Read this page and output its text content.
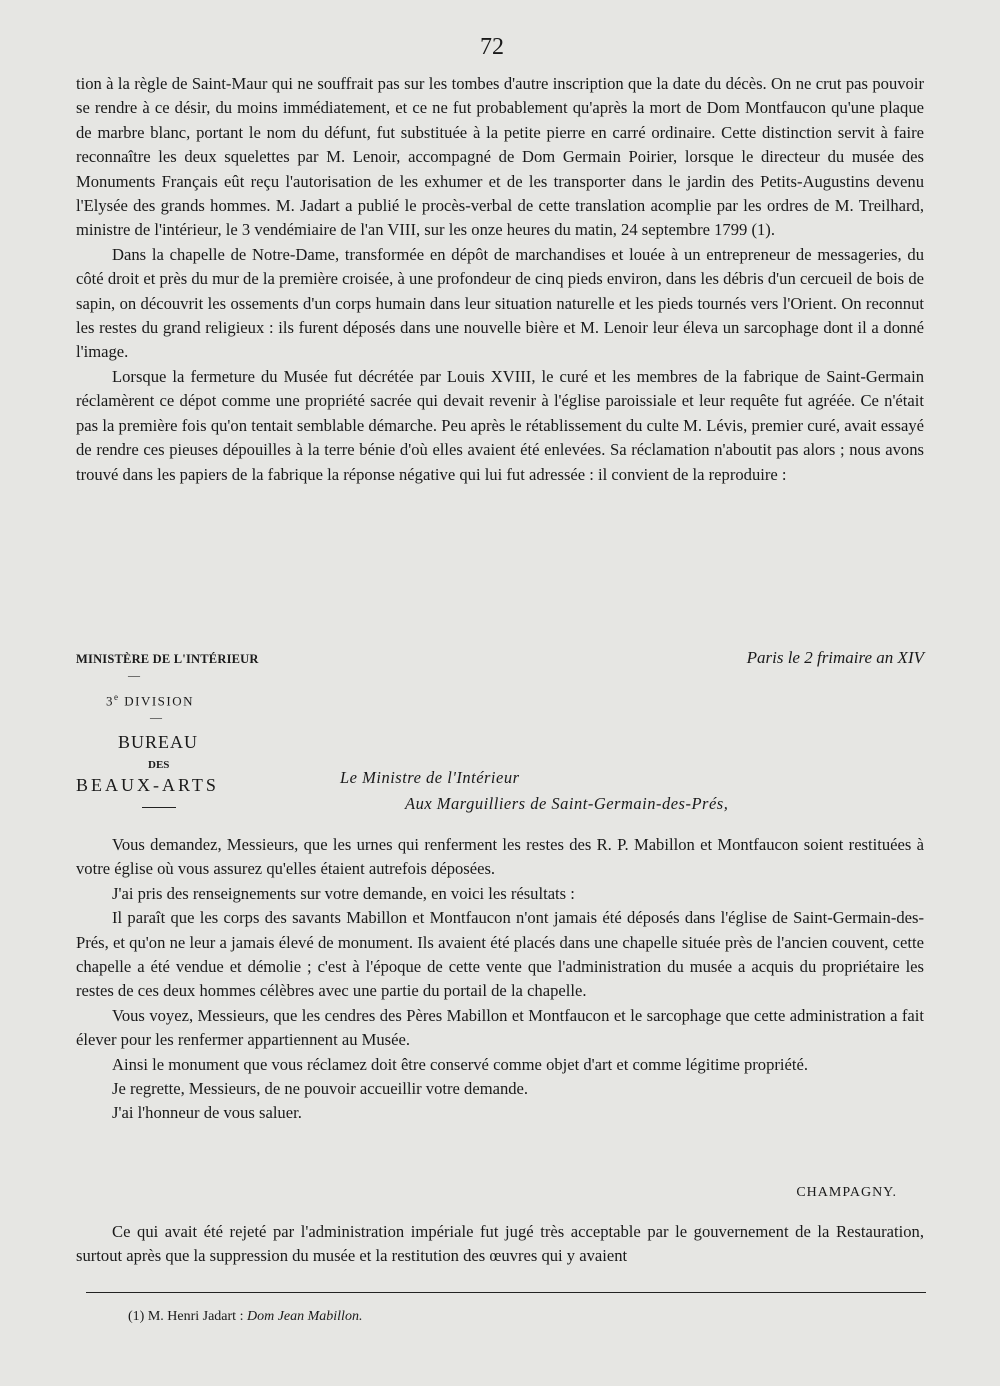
72

tion à la règle de Saint-Maur qui ne souffrait pas sur les tombes d'autre inscription que la date du décès. On ne crut pas pouvoir se rendre à ce désir, du moins immédiatement, et ce ne fut probablement qu'après la mort de Dom Montfaucon qu'une plaque de marbre blanc, portant le nom du défunt, fut substituée à la petite pierre en carré ordinaire. Cette distinction servit à faire reconnaître les deux squelettes par M. Lenoir, accompagné de Dom Germain Poirier, lorsque le directeur du musée des Monuments Français eût reçu l'autorisation de les exhumer et de les transporter dans le jardin des Petits-Augustins devenu l'Elysée des grands hommes. M. Jadart a publié le procès-verbal de cette translation acomplie par les ordres de M. Treilhard, ministre de l'intérieur, le 3 vendémiaire de l'an VIII, sur les onze heures du matin, 24 septembre 1799 (1).

Dans la chapelle de Notre-Dame, transformée en dépôt de marchandises et louée à un entrepreneur de messageries, du côté droit et près du mur de la première croisée, à une profondeur de cinq pieds environ, dans les débris d'un cercueil de bois de sapin, on découvrit les ossements d'un corps humain dans leur situation naturelle et les pieds tournés vers l'Orient. On reconnut les restes du grand religieux : ils furent déposés dans une nouvelle bière et M. Lenoir leur éleva un sarcophage dont il a donné l'image.

Lorsque la fermeture du Musée fut décrétée par Louis XVIII, le curé et les membres de la fabrique de Saint-Germain réclamèrent ce dépot comme une propriété sacrée qui devait revenir à l'église paroissiale et leur requête fut agréée. Ce n'était pas la première fois qu'on tentait semblable démarche. Peu après le rétablissement du culte M. Lévis, premier curé, avait essayé de rendre ces pieuses dépouilles à la terre bénie d'où elles avaient été enlevées. Sa réclamation n'aboutit pas alors ; nous avons trouvé dans les papiers de la fabrique la réponse négative qui lui fut adressée : il convient de la reproduire :

MINISTÈRE DE L'INTÉRIEUR	Paris le 2 frimaire an XIV
—
3e DIVISION
—
BUREAU
DES
BEAUX-ARTS	Le Ministre de l'Intérieur
Aux Marguilliers de Saint-Germain-des-Prés,

Vous demandez, Messieurs, que les urnes qui renferment les restes des R. P. Mabillon et Montfaucon soient restituées à votre église où vous assurez qu'elles étaient autrefois déposées.

J'ai pris des renseignements sur votre demande, en voici les résultats :

Il paraît que les corps des savants Mabillon et Montfaucon n'ont jamais été déposés dans l'église de Saint-Germain-des-Prés, et qu'on ne leur a jamais élevé de monument. Ils avaient été placés dans une chapelle située près de l'ancien couvent, cette chapelle a été vendue et démolie ; c'est à l'époque de cette vente que l'administration du musée a acquis du propriétaire les restes de ces deux hommes célèbres avec une partie du portail de la chapelle.

Vous voyez, Messieurs, que les cendres des Pères Mabillon et Montfaucon et le sarcophage que cette administration a fait élever pour les renfermer appartiennent au Musée.

Ainsi le monument que vous réclamez doit être conservé comme objet d'art et comme légitime propriété.

Je regrette, Messieurs, de ne pouvoir accueillir votre demande.

J'ai l'honneur de vous saluer.

CHAMPAGNY.

Ce qui avait été rejeté par l'administration impériale fut jugé très acceptable par le gouvernement de la Restauration, surtout après que la suppression du musée et la restitution des œuvres qui y avaient

(1) M. Henri Jadart : Dom Jean Mabillon.
